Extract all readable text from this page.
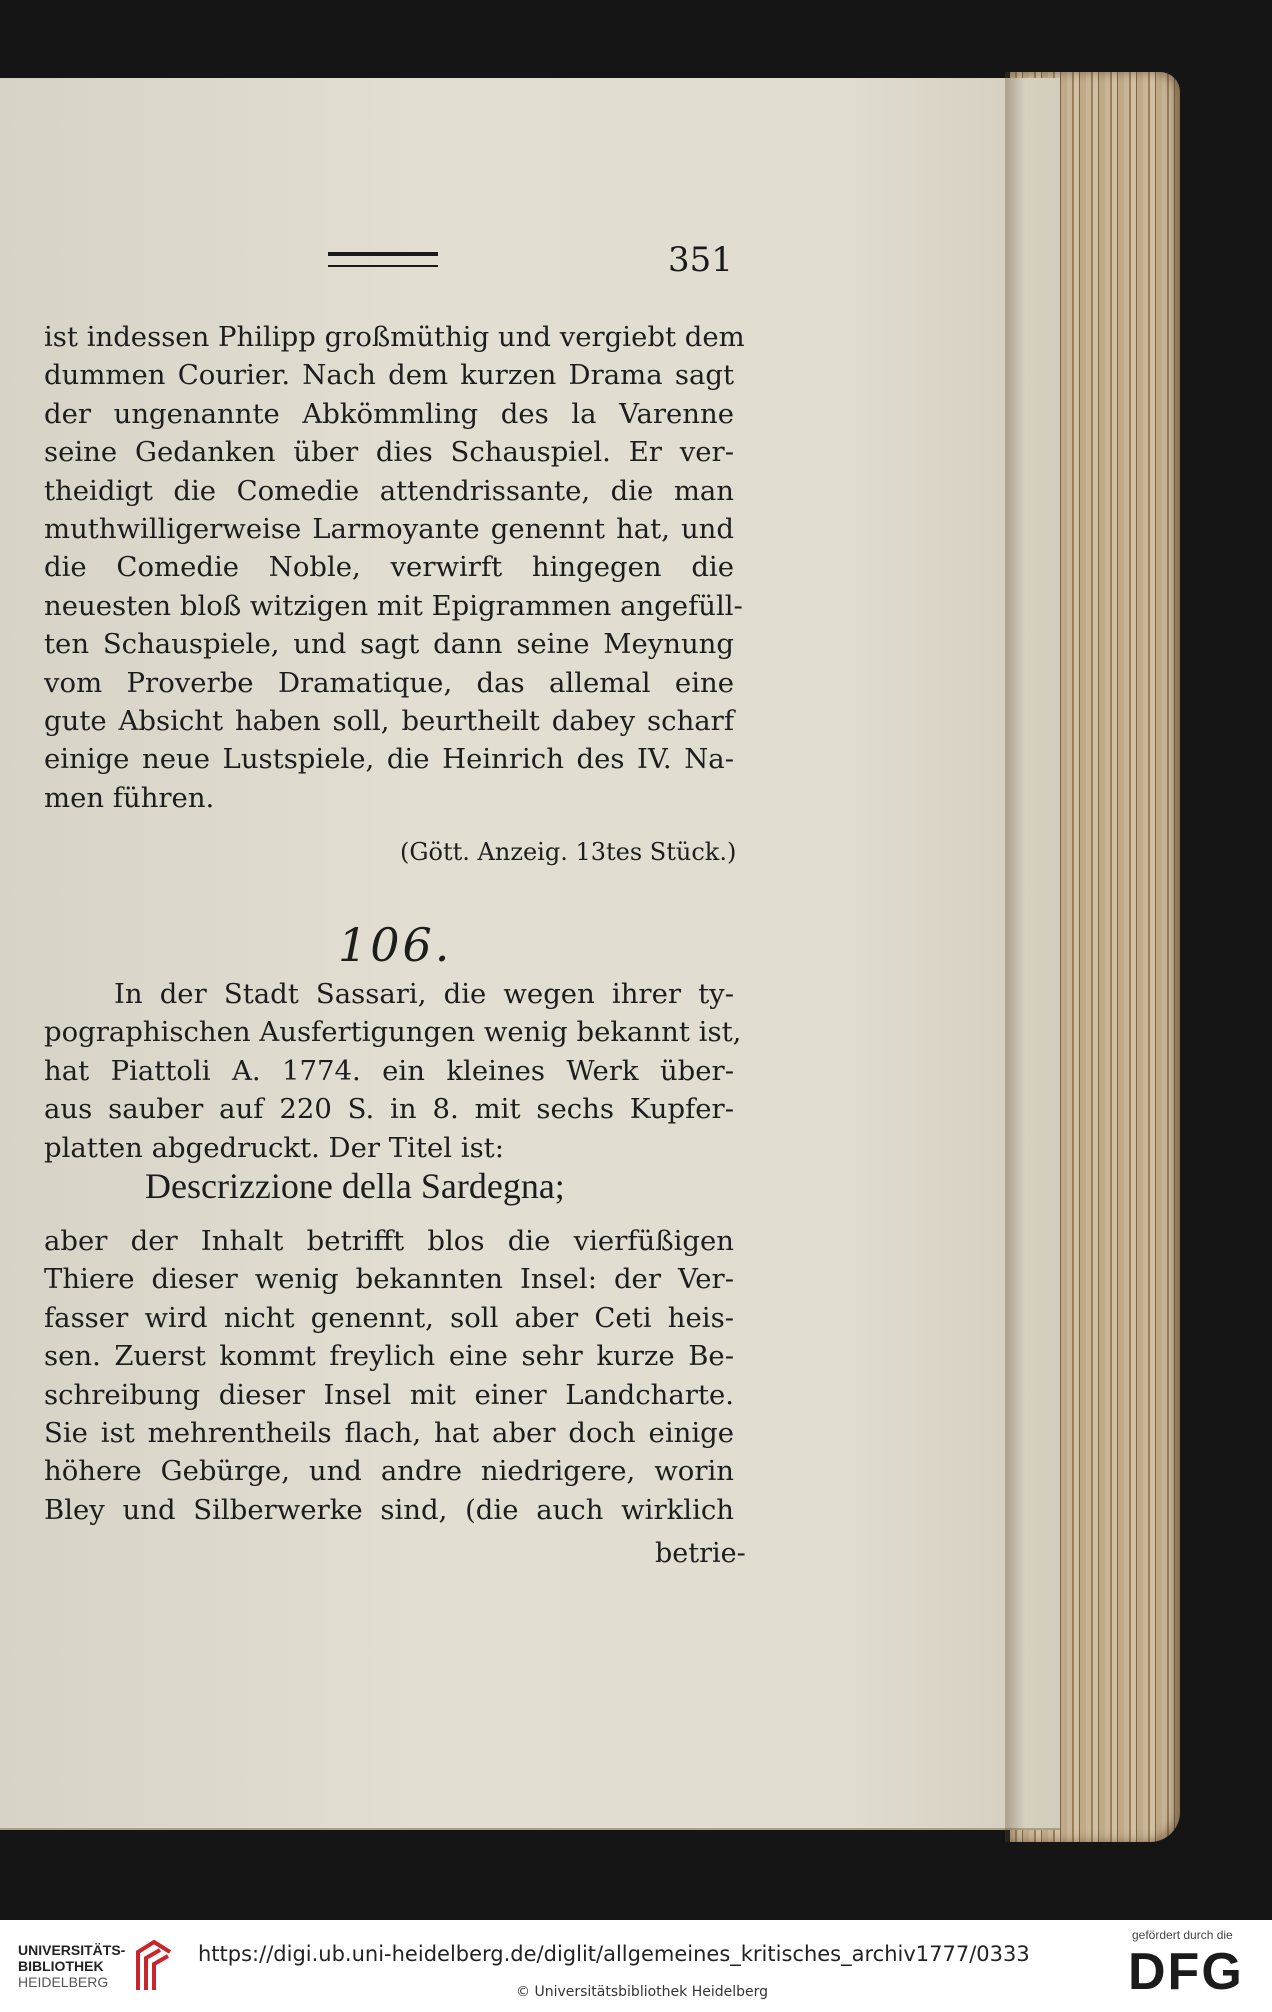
351
ist indessen Philipp großmüthig und vergiebt dem
dummen Courier. Nach dem kurzen Drama sagt
der ungenannte Abkömmling des la Varenne
seine Gedanken über dies Schauspiel. Er ver-
theidigt die Comedie attendrissante, die man
muthwilligerweise Larmoyante genennt hat, und
die Comedie Noble, verwirft hingegen die
neuesten bloß witzigen mit Epigrammen angefüll-
ten Schauspiele, und sagt dann seine Meynung
vom Proverbe Dramatique, das allemal eine
gute Absicht haben soll, beurtheilt dabey scharf
einige neue Lustspiele, die Heinrich des IV. Na-
men führen.
(Gött. Anzeig. 13tes Stück.)
106.
In der Stadt Sassari, die wegen ihrer ty-
pographischen Ausfertigungen wenig bekannt ist,
hat Piattoli A. 1774. ein kleines Werk über-
aus sauber auf 220 S. in 8. mit sechs Kupfer-
platten abgedruckt. Der Titel ist:
Descrizzione della Sardegna;
aber der Inhalt betrifft blos die vierfüßigen
Thiere dieser wenig bekannten Insel: der Ver-
fasser wird nicht genennt, soll aber Ceti heis-
sen. Zuerst kommt freylich eine sehr kurze Be-
schreibung dieser Insel mit einer Landcharte.
Sie ist mehrentheils flach, hat aber doch einige
höhere Gebürge, und andre niedrigere, worin
Bley und Silberwerke sind, (die auch wirklich
betrie-
UNIVERSITÄTS-
BIBLIOTHEK
HEIDELBERG
https://digi.ub.uni-heidelberg.de/diglit/allgemeines_kritisches_archiv1777/0333
© Universitätsbibliothek Heidelberg
gefördert durch die
DFG
